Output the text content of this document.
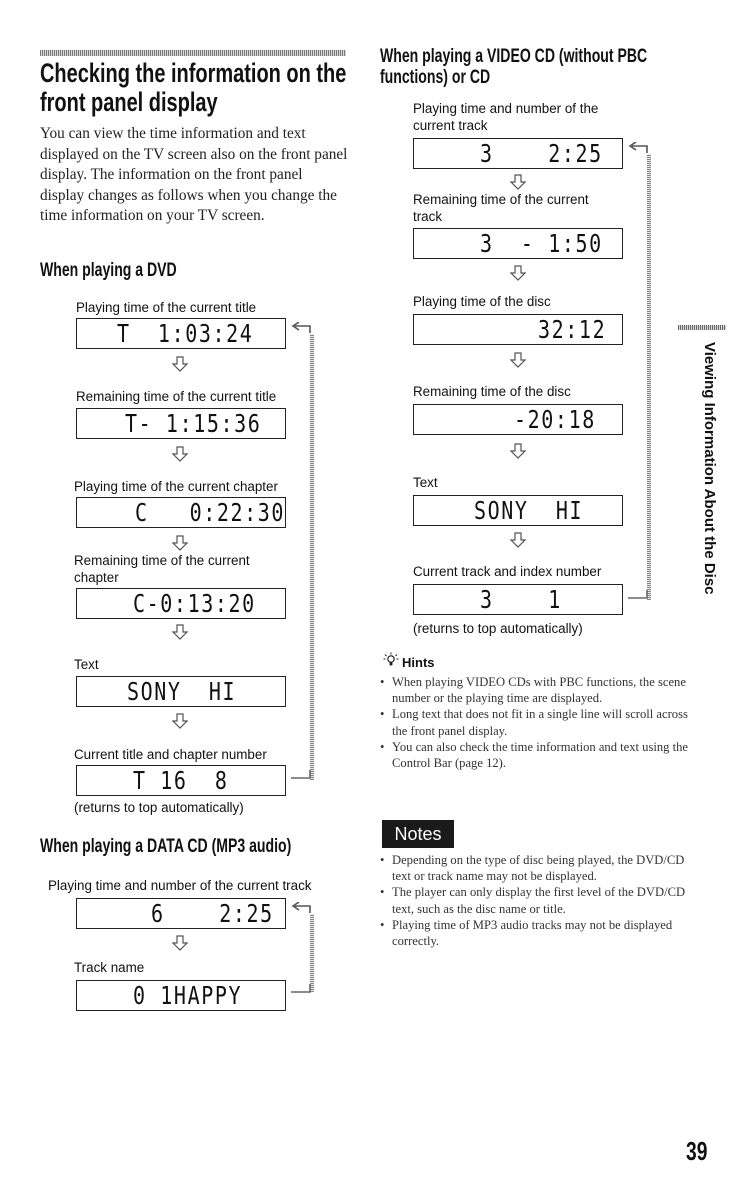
Checking the information on the
front panel display

You can view the time information and text displayed on the TV screen also on the front panel display. The information on the front panel display changes as follows when you change the time information on your TV screen.

When playing a DVD
Playing time of the current title
T  1:03:24
Remaining time of the current title
T- 1:15:36
Playing time of the current chapter
C   0:22:30
Remaining time of the current
chapter
C-0:13:20
Text
SONY  HI
Current title and chapter number
T 16  8
(returns to top automatically)
When playing a DATA CD (MP3 audio)
Playing time and number of the current track
6    2:25
Track name
0 1HAPPY
When playing a VIDEO CD (without PBC
functions) or CD
Playing time and number of the
current track
3    2:25
Remaining time of the current
track
3  - 1:50
Playing time of the disc
32:12
Remaining time of the disc
-20:18
Text
SONY  HI
Current track and index number
3    1
(returns to top automatically)
Hints
• When playing VIDEO CDs with PBC functions, the scene number or the playing time are displayed.
• Long text that does not fit in a single line will scroll across the front panel display.
• You can also check the time information and text using the Control Bar (page 12).
Notes
• Depending on the type of disc being played, the DVD/CD text or track name may not be displayed.
• The player can only display the first level of the DVD/CD text, such as the disc name or title.
• Playing time of MP3 audio tracks may not be displayed correctly.
Viewing Information About the Disc
39
